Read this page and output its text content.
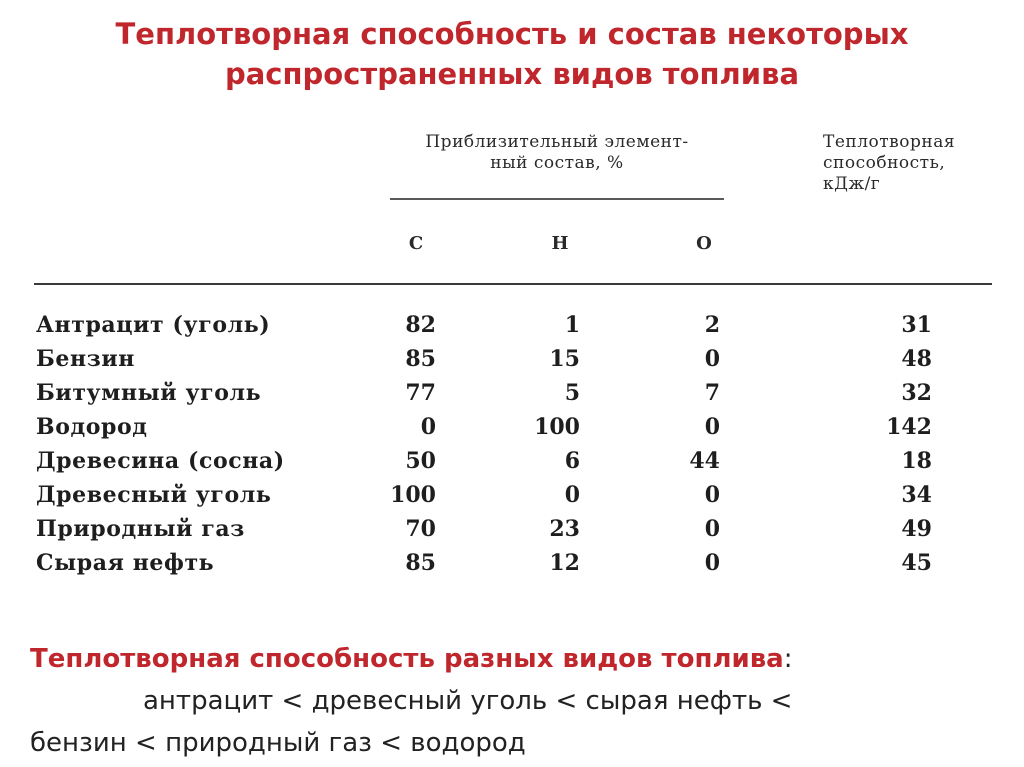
Теплотворная способность и состав некоторых
распространенных видов топлива
Приблизительный элемент-
ный состав, %
Теплотворная
способность,
кДж/г
C	H	O
Антрацит (уголь)	82	1	2	31
Бензин	85	15	0	48
Битумный уголь	77	5	7	32
Водород	0	100	0	142
Древесина (сосна)	50	6	44	18
Древесный уголь	100	0	0	34
Природный газ	70	23	0	49
Сырая нефть	85	12	0	45
Теплотворная способность разных видов топлива:
антрацит < древесный уголь < сырая нефть <
бензин < природный газ < водород
